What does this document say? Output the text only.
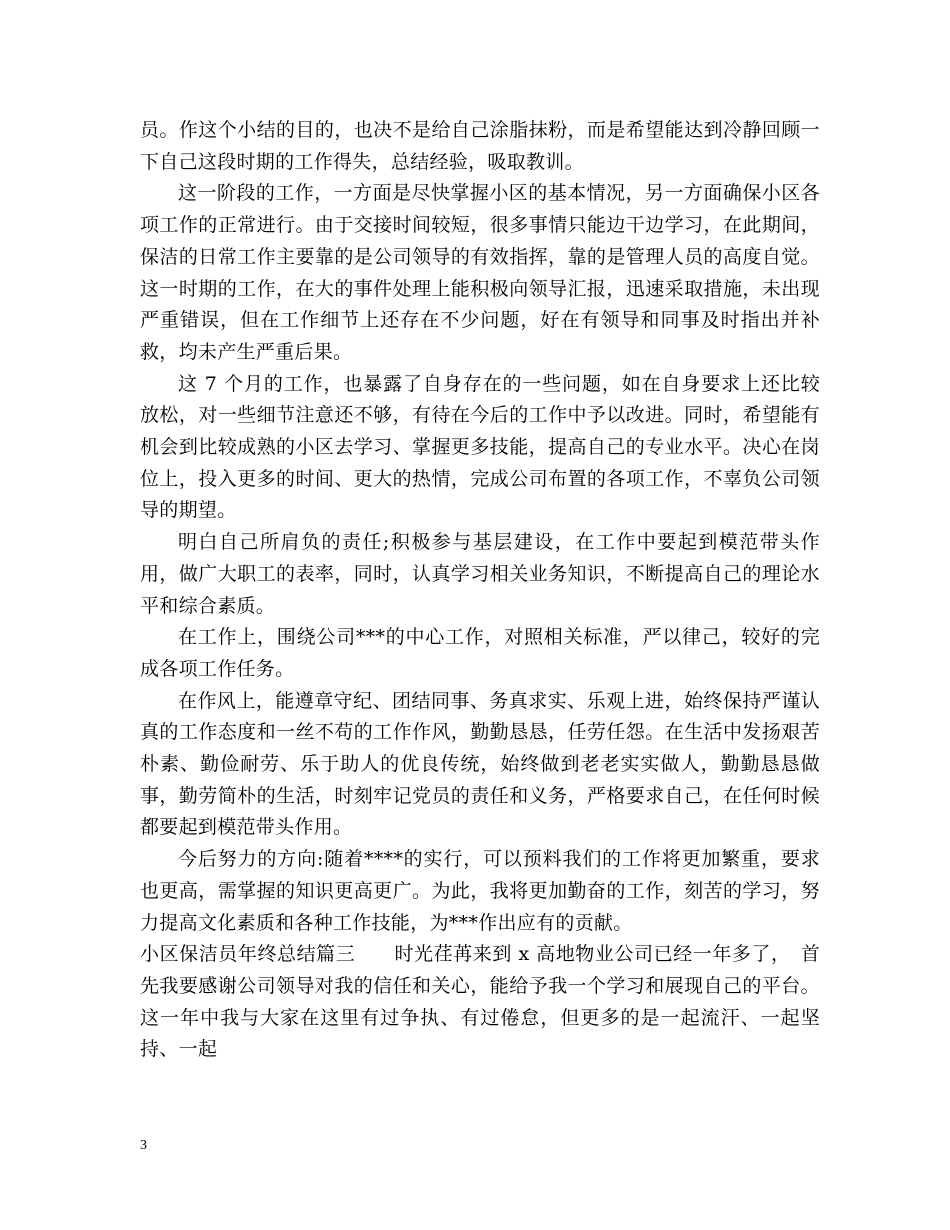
员。作这个小结的目的，也决不是给自己涂脂抹粉，而是希望能达到冷静回顾一下自己这段时期的工作得失，总结经验，吸取教训。

这一阶段的工作，一方面是尽快掌握小区的基本情况，另一方面确保小区各项工作的正常进行。由于交接时间较短，很多事情只能边干边学习，在此期间，保洁的日常工作主要靠的是公司领导的有效指挥，靠的是管理人员的高度自觉。这一时期的工作，在大的事件处理上能积极向领导汇报，迅速采取措施，未出现严重错误，但在工作细节上还存在不少问题，好在有领导和同事及时指出并补救，均未产生严重后果。

这 7 个月的工作，也暴露了自身存在的一些问题，如在自身要求上还比较放松，对一些细节注意还不够，有待在今后的工作中予以改进。同时，希望能有机会到比较成熟的小区去学习、掌握更多技能，提高自己的专业水平。决心在岗位上，投入更多的时间、更大的热情，完成公司布置的各项工作，不辜负公司领导的期望。

明白自己所肩负的责任;积极参与基层建设，在工作中要起到模范带头作用，做广大职工的表率，同时，认真学习相关业务知识，不断提高自己的理论水平和综合素质。

在工作上，围绕公司***的中心工作，对照相关标准，严以律己，较好的完成各项工作任务。

在作风上，能遵章守纪、团结同事、务真求实、乐观上进，始终保持严谨认真的工作态度和一丝不苟的工作作风，勤勤恳恳，任劳任怨。在生活中发扬艰苦朴素、勤俭耐劳、乐于助人的优良传统，始终做到老老实实做人，勤勤恳恳做事，勤劳简朴的生活，时刻牢记党员的责任和义务，严格要求自己，在任何时候都要起到模范带头作用。

今后努力的方向:随着****的实行，可以预料我们的工作将更加繁重，要求也更高，需掌握的知识更高更广。为此，我将更加勤奋的工作，刻苦的学习，努力提高文化素质和各种工作技能，为***作出应有的贡献。

小区保洁员年终总结篇三　　时光荏苒来到 x 高地物业公司已经一年多了，　首先我要感谢公司领导对我的信任和关心，能给予我一个学习和展现自己的平台。这一年中我与大家在这里有过争执、有过倦怠，但更多的是一起流汗、一起坚持、一起

3
